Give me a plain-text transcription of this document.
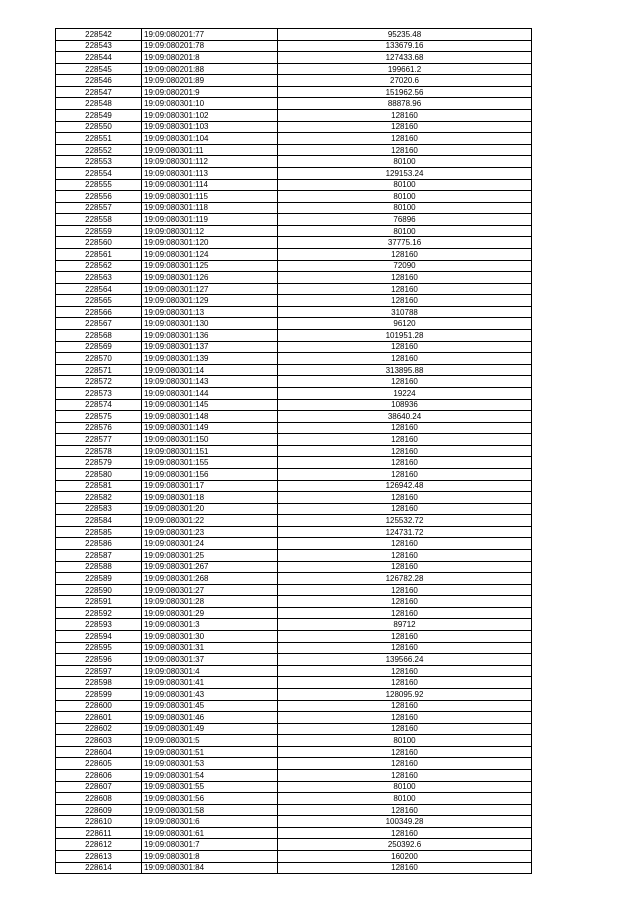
228542	19:09:080201:77	95235.48
228543	19:09:080201:78	133679.16
228544	19:09:080201:8	127433.68
228545	19:09:080201:88	199661.2
228546	19:09:080201:89	27020.6
228547	19:09:080201:9	151962.56
228548	19:09:080301:10	88878.96
228549	19:09:080301:102	128160
228550	19:09:080301:103	128160
228551	19:09:080301:104	128160
228552	19:09:080301:11	128160
228553	19:09:080301:112	80100
228554	19:09:080301:113	129153.24
228555	19:09:080301:114	80100
228556	19:09:080301:115	80100
228557	19:09:080301:118	80100
228558	19:09:080301:119	76896
228559	19:09:080301:12	80100
228560	19:09:080301:120	37775.16
228561	19:09:080301:124	128160
228562	19:09:080301:125	72090
228563	19:09:080301:126	128160
228564	19:09:080301:127	128160
228565	19:09:080301:129	128160
228566	19:09:080301:13	310788
228567	19:09:080301:130	96120
228568	19:09:080301:136	101951.28
228569	19:09:080301:137	128160
228570	19:09:080301:139	128160
228571	19:09:080301:14	313895.88
228572	19:09:080301:143	128160
228573	19:09:080301:144	19224
228574	19:09:080301:145	108936
228575	19:09:080301:148	38640.24
228576	19:09:080301:149	128160
228577	19:09:080301:150	128160
228578	19:09:080301:151	128160
228579	19:09:080301:155	128160
228580	19:09:080301:156	128160
228581	19:09:080301:17	126942.48
228582	19:09:080301:18	128160
228583	19:09:080301:20	128160
228584	19:09:080301:22	125532.72
228585	19:09:080301:23	124731.72
228586	19:09:080301:24	128160
228587	19:09:080301:25	128160
228588	19:09:080301:267	128160
228589	19:09:080301:268	126782.28
228590	19:09:080301:27	128160
228591	19:09:080301:28	128160
228592	19:09:080301:29	128160
228593	19:09:080301:3	89712
228594	19:09:080301:30	128160
228595	19:09:080301:31	128160
228596	19:09:080301:37	139566.24
228597	19:09:080301:4	128160
228598	19:09:080301:41	128160
228599	19:09:080301:43	128095.92
228600	19:09:080301:45	128160
228601	19:09:080301:46	128160
228602	19:09:080301:49	128160
228603	19:09:080301:5	80100
228604	19:09:080301:51	128160
228605	19:09:080301:53	128160
228606	19:09:080301:54	128160
228607	19:09:080301:55	80100
228608	19:09:080301:56	80100
228609	19:09:080301:58	128160
228610	19:09:080301:6	100349.28
228611	19:09:080301:61	128160
228612	19:09:080301:7	250392.6
228613	19:09:080301:8	160200
228614	19:09:080301:84	128160
